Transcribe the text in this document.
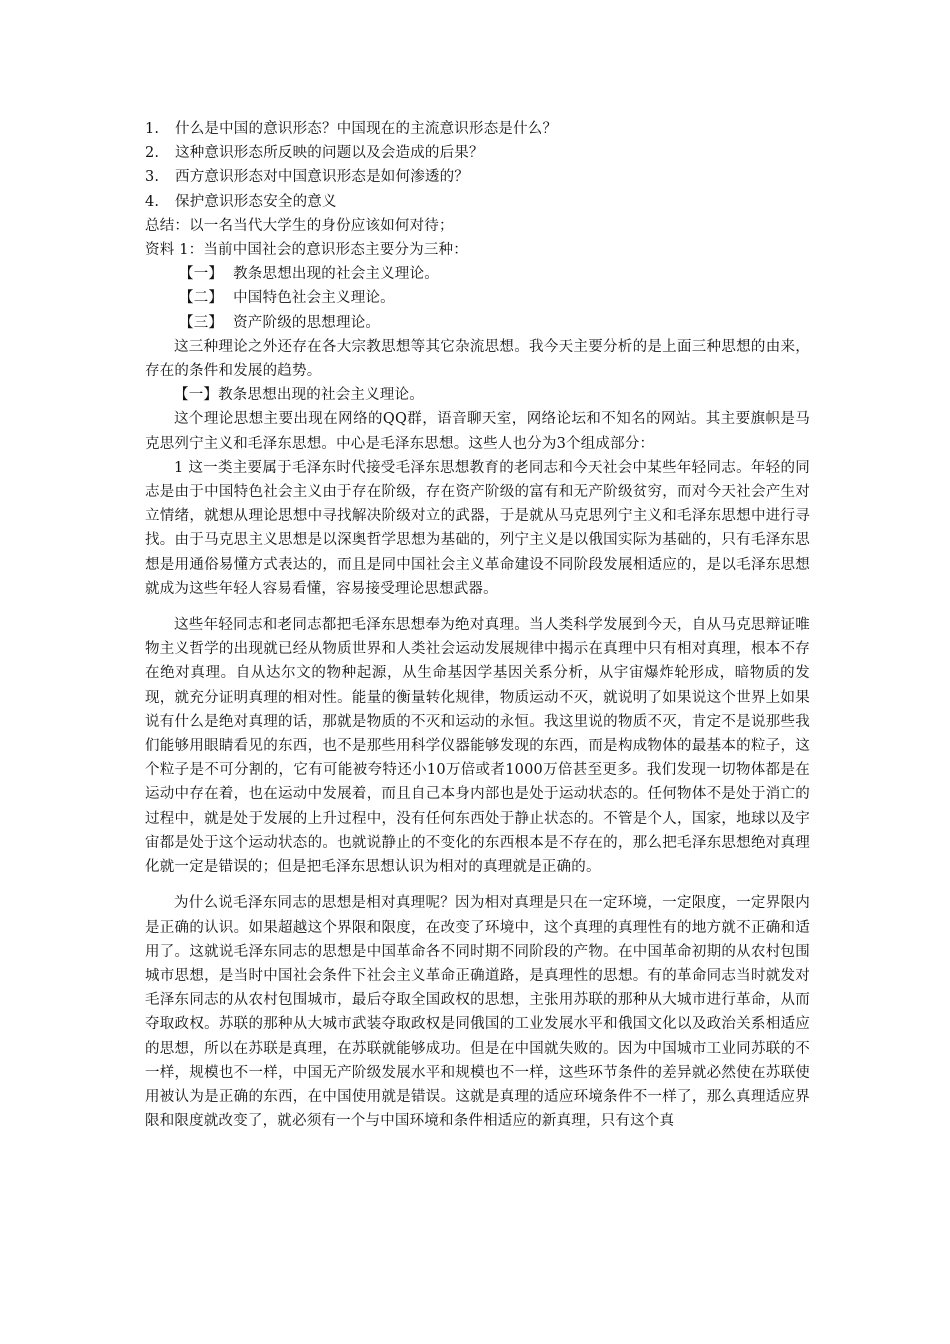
1.	什么是中国的意识形态？中国现在的主流意识形态是什么？
2.	这种意识形态所反映的问题以及会造成的后果？
3.	西方意识形态对中国意识形态是如何渗透的？
4.	保护意识形态安全的意义
总结：以一名当代大学生的身份应该如何对待；
资料 1：当前中国社会的意识形态主要分为三种：
【一】 教条思想出现的社会主义理论。
【二】 中国特色社会主义理论。
【三】 资产阶级的思想理论。

这三种理论之外还存在各大宗教思想等其它杂流思想。我今天主要分析的是上面三种思想的由来，存在的条件和发展的趋势。

【一】教条思想出现的社会主义理论。

这个理论思想主要出现在网络的QQ群，语音聊天室，网络论坛和不知名的网站。其主要旗帜是马克思列宁主义和毛泽东思想。中心是毛泽东思想。这些人也分为3个组成部分：

1 这一类主要属于毛泽东时代接受毛泽东思想教育的老同志和今天社会中某些年轻同志。年轻的同志是由于中国特色社会主义由于存在阶级，存在资产阶级的富有和无产阶级贫穷，而对今天社会产生对立情绪，就想从理论思想中寻找解决阶级对立的武器，于是就从马克思列宁主义和毛泽东思想中进行寻找。由于马克思主义思想是以深奥哲学思想为基础的，列宁主义是以俄国实际为基础的，只有毛泽东思想是用通俗易懂方式表达的，而且是同中国社会主义革命建设不同阶段发展相适应的，是以毛泽东思想就成为这些年轻人容易看懂，容易接受理论思想武器。

这些年轻同志和老同志都把毛泽东思想奉为绝对真理。当人类科学发展到今天，自从马克思辩证唯物主义哲学的出现就已经从物质世界和人类社会运动发展规律中揭示在真理中只有相对真理，根本不存在绝对真理。自从达尔文的物种起源，从生命基因学基因关系分析，从宇宙爆炸轮形成，暗物质的发现，就充分证明真理的相对性。能量的衡量转化规律，物质运动不灭，就说明了如果说这个世界上如果说有什么是绝对真理的话，那就是物质的不灭和运动的永恒。我这里说的物质不灭，肯定不是说那些我们能够用眼睛看见的东西，也不是那些用科学仪器能够发现的东西，而是构成物体的最基本的粒子，这个粒子是不可分割的，它有可能被夸特还小10万倍或者1000万倍甚至更多。我们发现一切物体都是在运动中存在着，也在运动中发展着，而且自己本身内部也是处于运动状态的。任何物体不是处于消亡的过程中，就是处于发展的上升过程中，没有任何东西处于静止状态的。不管是个人，国家，地球以及宇宙都是处于这个运动状态的。也就说静止的不变化的东西根本是不存在的，那么把毛泽东思想绝对真理化就一定是错误的；但是把毛泽东思想认识为相对的真理就是正确的。

为什么说毛泽东同志的思想是相对真理呢？因为相对真理是只在一定环境，一定限度，一定界限内是正确的认识。如果超越这个界限和限度，在改变了环境中，这个真理的真理性有的地方就不正确和适用了。这就说毛泽东同志的思想是中国革命各不同时期不同阶段的产物。在中国革命初期的从农村包围城市思想，是当时中国社会条件下社会主义革命正确道路，是真理性的思想。有的革命同志当时就发对毛泽东同志的从农村包围城市，最后夺取全国政权的思想，主张用苏联的那种从大城市进行革命，从而夺取政权。苏联的那种从大城市武装夺取政权是同俄国的工业发展水平和俄国文化以及政治关系相适应的思想，所以在苏联是真理，在苏联就能够成功。但是在中国就失败的。因为中国城市工业同苏联的不一样，规模也不一样，中国无产阶级发展水平和规模也不一样，这些环节条件的差异就必然使在苏联使用被认为是正确的东西，在中国使用就是错误。这就是真理的适应环境条件不一样了，那么真理适应界限和限度就改变了，就必须有一个与中国环境和条件相适应的新真理，只有这个真
